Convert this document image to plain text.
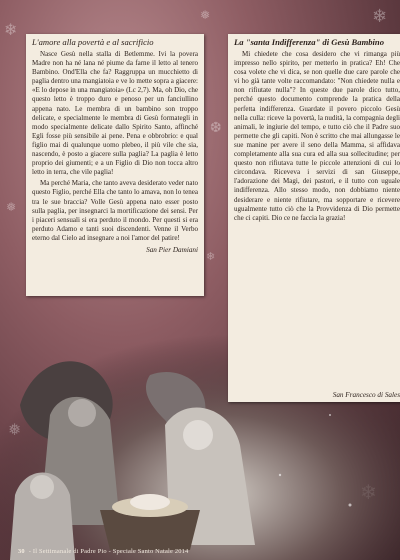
❄
❅
❆
❄
❅
❄
L'amore alla povertà e al sacrificio

Nasce Gesù nella stalla di Betlemme. Ivi la povera Madre non ha né lana né piume da farne il letto al tenero Bambino. Ond'Ella che fa? Raggruppa un mucchietto di paglia dentro una mangiatoia e ve lo mette sopra a giacere: «E lo depose in una mangiatoia» (Lc 2,7). Ma, oh Dio, che questo letto è troppo duro e penoso per un fanciullino appena nato. Le membra di un bambino son troppo delicate, e specialmente le membra di Gesù formategli in modo specialmente delicate dallo Spirito Santo, affinché Egli fosse più sensibile ai pene. Pena e obbrobrio: e qual figlio mai di qualunque uomo plebeo, il più vile che sia, nascendo, è posto a giacere sulla paglia? La paglia è letto proprio dei giumenti; e a un Figlio di Dio non tocca altro letto in terra, che vile paglia!

Ma perché Maria, che tanto aveva desiderato veder nato questo Figlio, perché Ella che tanto lo amava, non lo tenea tra le sue braccia? Volle Gesù appena nato esser posto sulla paglia, per insegnarci la mortificazione dei sensi. Per i piaceri sensuali si era perduto il mondo. Per questi si era perduto Adamo e tanti suoi discendenti. Venne il Verbo eterno dal Cielo ad insegnare a noi l'amor del patire!

San Pier Damiani
La "santa Indifferenza" di Gesù Bambino

Mi chiedete che cosa desidero che vi rimanga più impresso nello spirito, per metterlo in pratica? Eh! Che cosa volete che vi dica, se non quelle due care parole che vi ho già tante volte raccomandato: "Non chiedete nulla e non rifiutate nulla"? In queste due parole dico tutto, perché questo documento comprende la pratica della perfetta indifferenza. Guardate il povero piccolo Gesù nella culla: riceve la povertà, la nudità, la compagnia degli animali, le ingiurie del tempo, e tutto ciò che il Padre suo permette che gli capiti. Non è scritto che mai allungasse le sue manine per avere il seno della Mamma, si affidava completamente alla sua cura ed alla sua sollecitudine; per questo non rifiutava tutte le piccole attenzioni di cui lo circondava. Riceveva i servizi di san Giuseppe, l'adorazione dei Magi, dei pastori, e il tutto con uguale indifferenza. Allo stesso modo, non dobbiamo niente desiderare e niente rifiutare, ma sopportare e ricevere ugualmente tutto ciò che la Provvidenza di Dio permette che ci capiti. Dio ce ne faccia la grazia!

San Francesco di Sales
30 - Il Settimanale di Padre Pio - Speciale Santo Natale 2014
